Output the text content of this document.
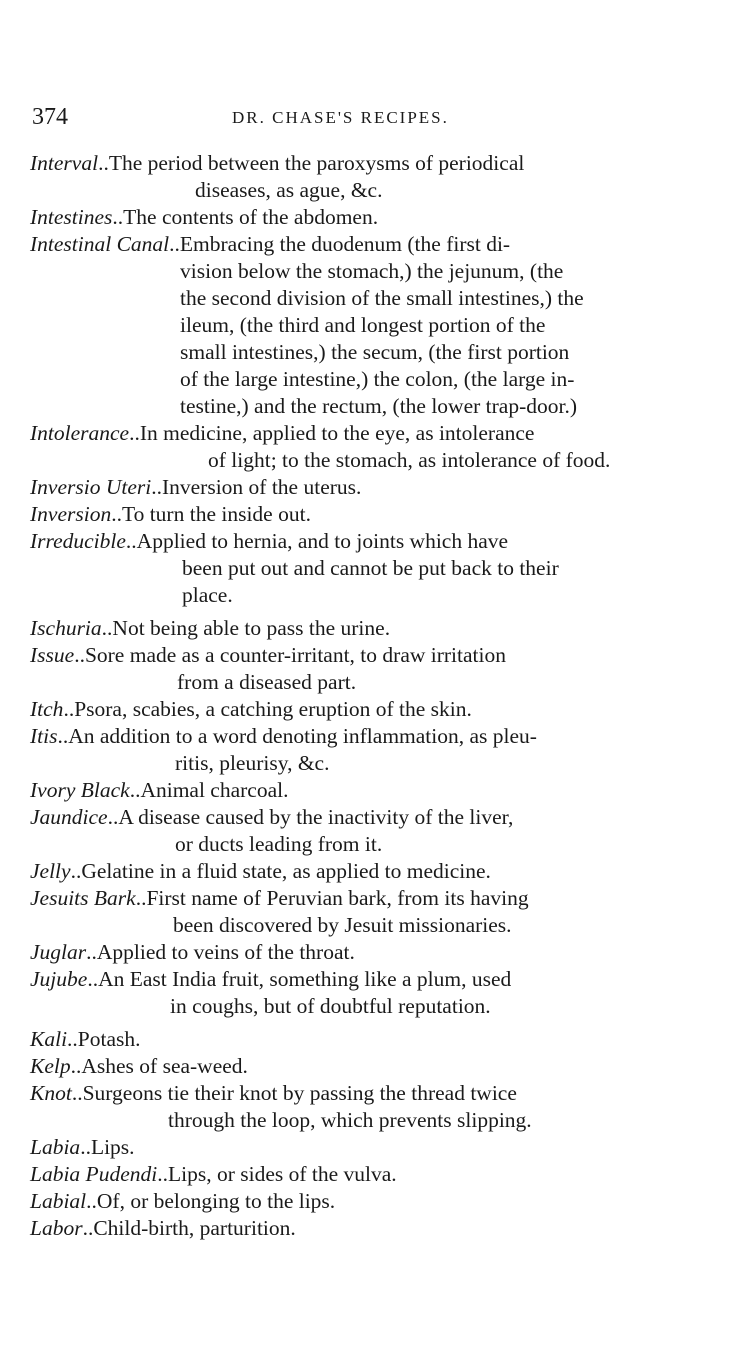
374	DR. CHASE'S RECIPES.
Interval..The period between the paroxysms of periodical
diseases, as ague, &c.
Intestines..The contents of the abdomen.
Intestinal Canal..Embracing the duodenum (the first di-
vision below the stomach,) the jejunum, (the
the second division of the small intestines,) the
ileum, (the third and longest portion of the
small intestines,) the secum, (the first portion
of the large intestine,) the colon, (the large in-
testine,) and the rectum, (the lower trap-door.)
Intolerance..In medicine, applied to the eye, as intolerance
of light; to the stomach, as intolerance of food.
Inversio Uteri..Inversion of the uterus.
Inversion..To turn the inside out.
Irreducible..Applied to hernia, and to joints which have
been put out and cannot be put back to their
place.
Ischuria..Not being able to pass the urine.
Issue..Sore made as a counter-irritant, to draw irritation
from a diseased part.
Itch..Psora, scabies, a catching eruption of the skin.
Itis..An addition to a word denoting inflammation, as pleu-
ritis, pleurisy, &c.
Ivory Black..Animal charcoal.
Jaundice..A disease caused by the inactivity of the liver,
or ducts leading from it.
Jelly..Gelatine in a fluid state, as applied to medicine.
Jesuits Bark..First name of Peruvian bark, from its having
been discovered by Jesuit missionaries.
Juglar..Applied to veins of the throat.
Jujube..An East India fruit, something like a plum, used
in coughs, but of doubtful reputation.
Kali..Potash.
Kelp..Ashes of sea-weed.
Knot..Surgeons tie their knot by passing the thread twice
through the loop, which prevents slipping.
Labia..Lips.
Labia Pudendi..Lips, or sides of the vulva.
Labial..Of, or belonging to the lips.
Labor..Child-birth, parturition.
